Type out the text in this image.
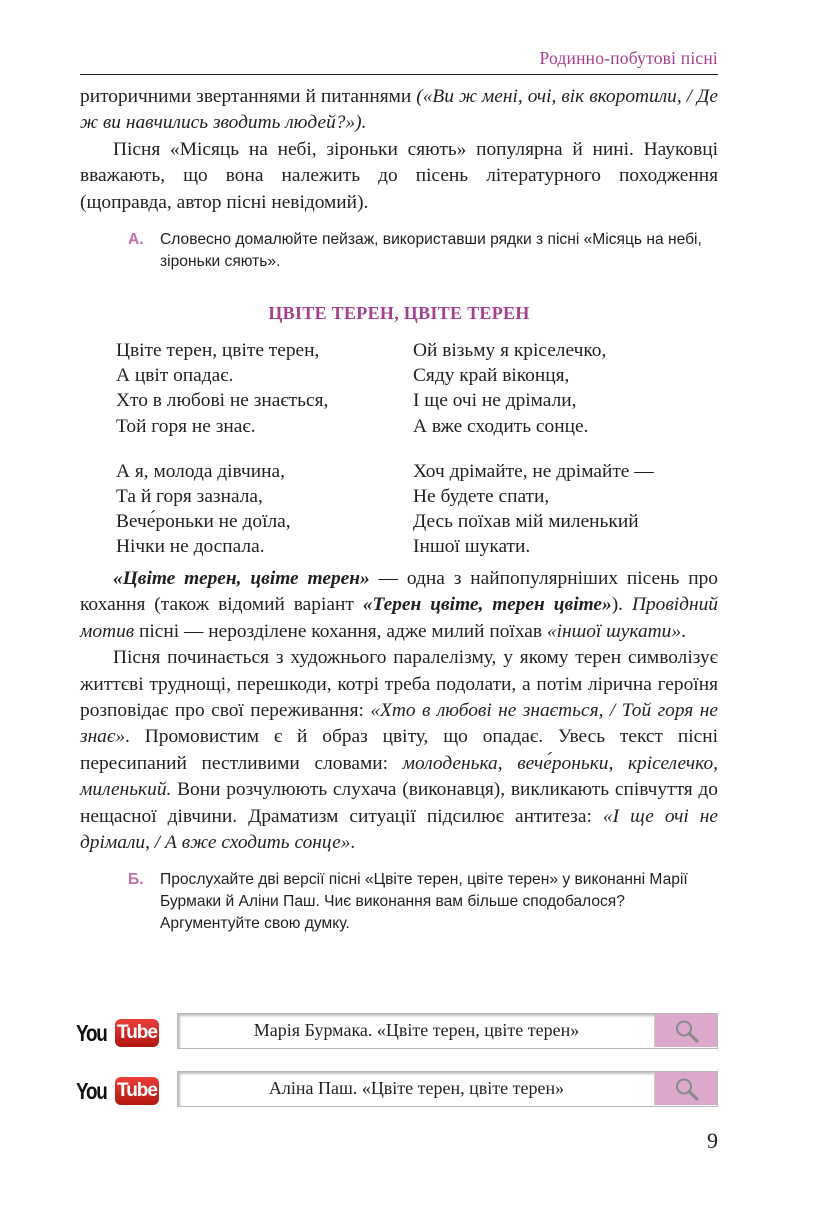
Родинно-побутові пісні

риторичними звертаннями й питаннями («Ви ж мені, очі, вік вкоротили, / Де ж ви навчились зводить людей?»).

Пісня «Місяць на небі, зіроньки сяють» популярна й нині. Науковці вважають, що вона належить до пісень літературного походження (щоправда, автор пісні невідомий).

А. Словесно домалюйте пейзаж, використавши рядки з пісні «Місяць на небі, зіроньки сяють».
ЦВІТЕ ТЕРЕН, ЦВІТЕ ТЕРЕН
Цвіте терен, цвіте терен,
А цвіт опадає.
Хто в любові не знається,
Той горя не знає.
А я, молода дівчина,
Та й горя зазнала,
Вече́роньки не доїла,
Нічки не доспала.
Ой візьму я кріселечко,
Сяду край віконця,
І ще очі не дрімали,
А вже сходить сонце.
Хоч дрімайте, не дрімайте —
Не будете спати,
Десь поїхав мій миленький
Іншої шукати.

«Цвіте терен, цвіте терен» — одна з найпопулярніших пісень про кохання (також відомий варіант «Терен цвіте, терен цвіте»). Провідний мотив пісні — нерозділене кохання, адже милий поїхав «іншої шукати».

Пісня починається з художнього паралелізму, у якому терен символізує життєві труднощі, перешкоди, котрі треба подолати, а потім лірична героїня розповідає про свої переживання: «Хто в любові не знається, / Той горя не знає». Промовистим є й образ цвіту, що опадає. Увесь текст пісні пересипаний пестливими словами: молоденька, вече́роньки, кріселечко, миленький. Вони розчулюють слухача (виконавця), викликають співчуття до нещасної дівчини. Драматизм ситуації підсилює антитеза: «І ще очі не дрімали, / А вже сходить сонце».

Б. Прослухайте дві версії пісні «Цвіте терен, цвіте терен» у виконанні Марії Бурмаки й Аліни Паш. Чиє виконання вам більше сподобалося? Аргументуйте свою думку.
You Tube	Марія Бурмака. «Цвіте терен, цвіте терен»
You Tube	Аліна Паш. «Цвіте терен, цвіте терен»
9
